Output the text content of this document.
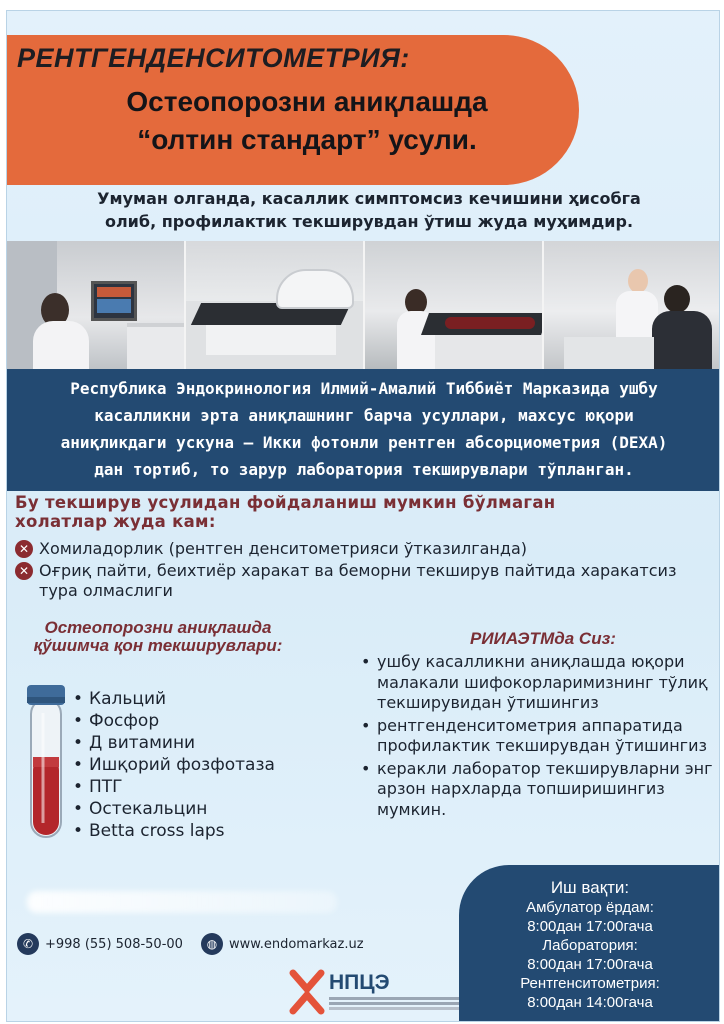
РЕНТГЕНДЕНСИТОМЕТРИЯ:
Остеопорозни аниқлашда
“олтин стандарт” усули.
Умуман олганда, касаллик симптомсиз кечишини ҳисобга
олиб, профилактик текширувдан ўтиш жуда муҳимдир.

Республика Эндокринология Илмий-Амалий Тиббиёт Марказида ушбу

касалликни эрта аниқлашнинг барча усуллари, махсус юқори

аниқликдаги ускуна – Икки фотонли рентген абсорциометрия (DEXA)

дан тортиб, то зарур лаборатория текширувлари тўпланган.

Бу текширув усулидан фойдаланиш мумкин бўлмаган холатлар жуда кам:
✕ Хомиладорлик (рентген денситометрияси ўтказилганда)
✕ Оғриқ пайти, беихтиёр харакат ва беморни текширув пайтида харакатсиз тура олмаслиги
Остеопорозни аниқлашда қўшимча қон текширувлари:
• Кальций
• Фосфор
• Д витамини
• Ишқорий фозфотаза
• ПТГ
• Остекальцин
• Betta cross laps
РИИАЭТМда Сиз:
• ушбу касалликни аниқлашда юқори малакали шифокорларимизнинг тўлиқ текширувидан ўтишингиз
• рентгенденситометрия аппаратида профилактик текширувдан ўтишингиз
• керакли лаборатор текширувларни энг арзон нархларда топширишингиз мумкин.
✆ +998 (55) 508-50-00	◍ www.endomarkaz.uz
НПЦЭ
Иш вақти:
Амбулатор ёрдам:
8:00дан 17:00гача
Лаборатория:
8:00дан 17:00гача
Рентгенситометрия:
8:00дан 14:00гача
